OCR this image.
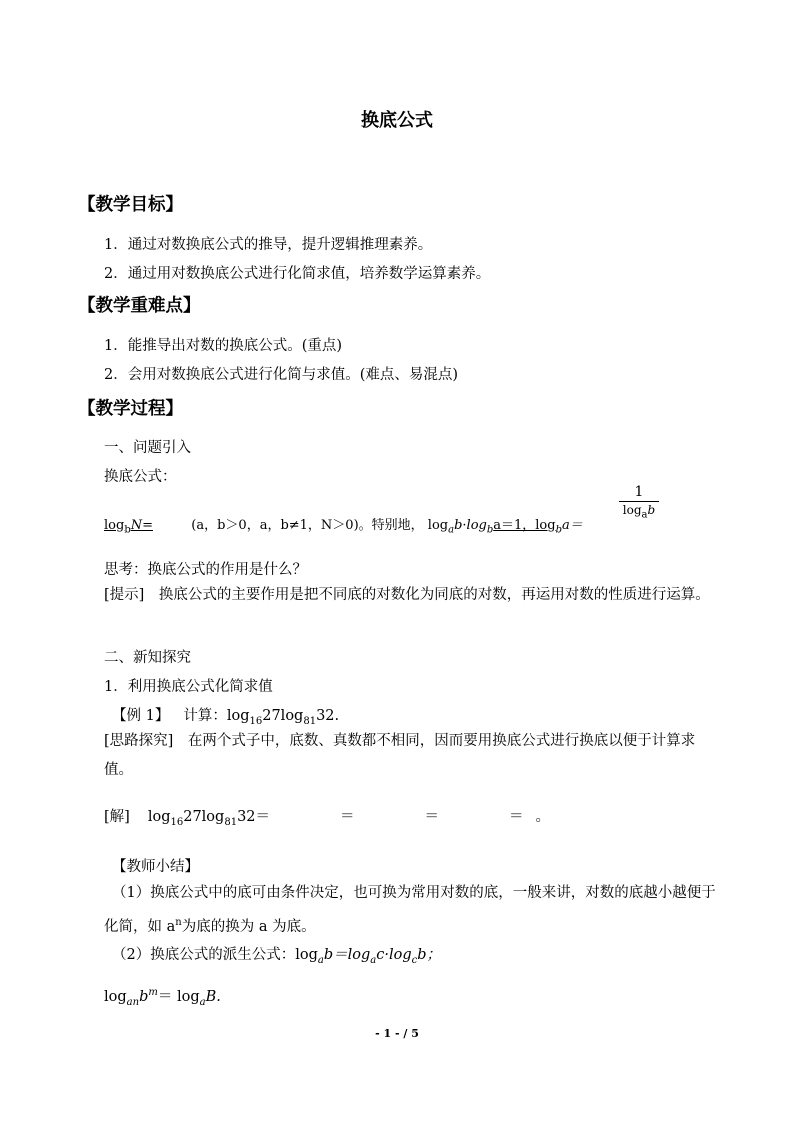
换底公式
【教学目标】
1．通过对数换底公式的推导，提升逻辑推理素养。
2．通过用对数换底公式进行化简求值，培养数学运算素养。
【教学重难点】
1．能推导出对数的换底公式。(重点)
2．会用对数换底公式进行化简与求值。(难点、易混点)
【教学过程】
一、问题引入
换底公式：
$\log_bN=$	(a，b＞0，a，b≠1，N＞0)。特别地， $\log_ab\cdot\log_ba=1$，$\log_ba=$
1
$\log_ab$
思考：换底公式的作用是什么？
[提示]　换底公式的主要作用是把不同底的对数化为同底的对数，再运用对数的性质进行运算。
二、新知探究
1．利用换底公式化简求值
【例 1】 计算：$\log_{16}27\log_{81}32$.
[思路探究]　在两个式子中，底数、真数都不相同，因而要用换底公式进行换底以便于计算求值。
[解] $\log_{16}27\log_{81}32=$	＝	＝	＝ 。
【教师小结】
（1）换底公式中的底可由条件决定，也可换为常用对数的底，一般来讲，对数的底越小越便于化简，如 $a^n$为底的换为 a 为底。
（2）换底公式的派生公式：$\log_ab=\log_ac\cdot\log_cb$；
$\log_{an}b^m= \log_aB$.
- 1 - / 5
